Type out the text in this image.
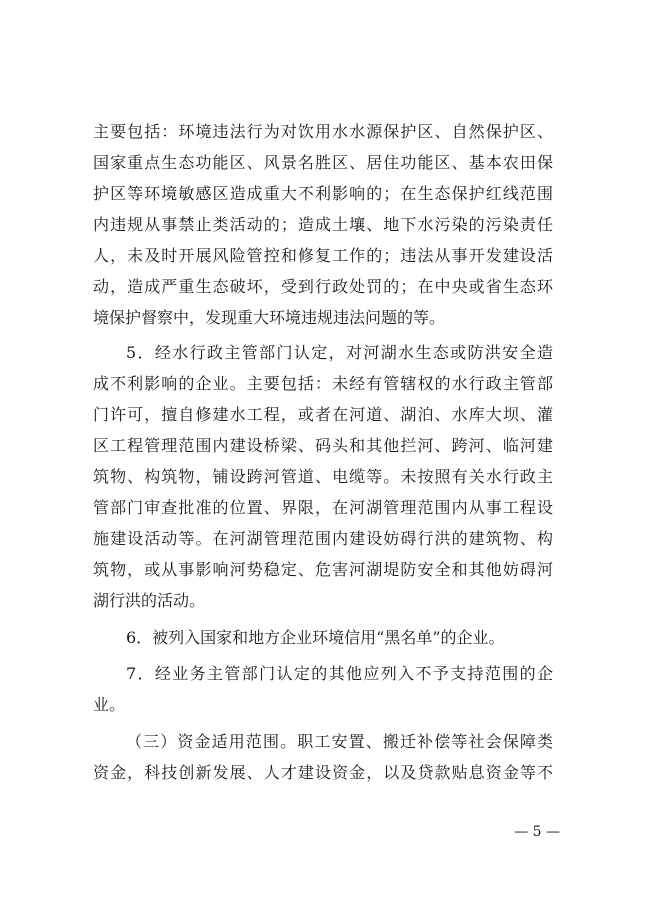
主要包括：环境违法行为对饮用水水源保护区、自然保护区、
国家重点生态功能区、风景名胜区、居住功能区、基本农田保
护区等环境敏感区造成重大不利影响的；在生态保护红线范围
内违规从事禁止类活动的；造成土壤、地下水污染的污染责任
人，未及时开展风险管控和修复工作的；违法从事开发建设活
动，造成严重生态破坏，受到行政处罚的；在中央或省生态环
境保护督察中，发现重大环境违规违法问题的等。
5．经水行政主管部门认定，对河湖水生态或防洪安全造
成不利影响的企业。主要包括：未经有管辖权的水行政主管部
门许可，擅自修建水工程，或者在河道、湖泊、水库大坝、灌
区工程管理范围内建设桥梁、码头和其他拦河、跨河、临河建
筑物、构筑物，铺设跨河管道、电缆等。未按照有关水行政主
管部门审查批准的位置、界限，在河湖管理范围内从事工程设
施建设活动等。在河湖管理范围内建设妨碍行洪的建筑物、构
筑物，或从事影响河势稳定、危害河湖堤防安全和其他妨碍河
湖行洪的活动。
6．被列入国家和地方企业环境信用“黑名单”的企业。
7．经业务主管部门认定的其他应列入不予支持范围的企
业。
（三）资金适用范围。职工安置、搬迁补偿等社会保障类
资金，科技创新发展、人才建设资金，以及贷款贴息资金等不
— 5 —
